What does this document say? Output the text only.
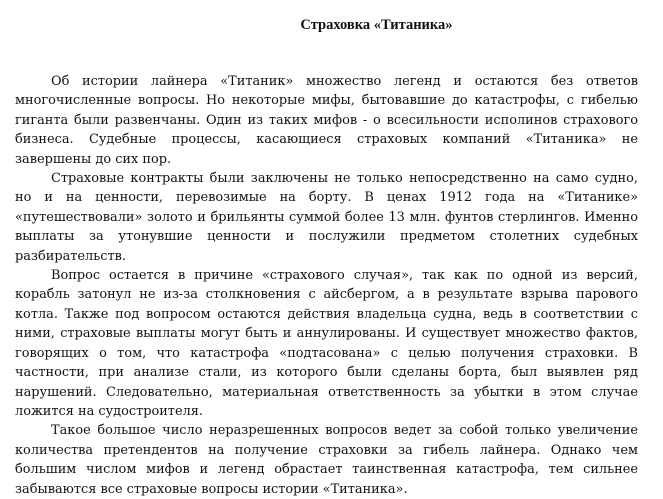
Страховка «Титаника»

Об истории лайнера «Титаник» множество легенд и остаются без ответов многочисленные вопросы. Но некоторые мифы, бытовавшие до катастрофы, с гибелью гиганта были развенчаны. Один из таких мифов - о всесильности исполинов страхового бизнеса. Судебные процессы, касающиеся страховых компаний «Титаника» не завершены до сих пор.

Страховые контракты были заключены не только непосредственно на само судно, но и на ценности, перевозимые на борту. В ценах 1912 года на «Титанике» «путешествовали» золото и брильянты суммой более 13 млн. фунтов стерлингов. Именно выплаты за утонувшие ценности и послужили предметом столетних судебных разбирательств.

Вопрос остается в причине «страхового случая», так как по одной из версий, корабль затонул не из-за столкновения с айсбергом, а в результате взрыва парового котла. Также под вопросом остаются действия владельца судна, ведь в соответствии с ними, страховые выплаты могут быть и аннулированы. И существует множество фактов, говорящих о том, что катастрофа «подтасована» с целью получения страховки. В частности, при анализе стали, из которого были сделаны борта, был выявлен ряд нарушений. Следовательно, материальная ответственность за убытки в этом случае ложится на судостроителя.

Такое большое число неразрешенных вопросов ведет за собой только увеличение количества претендентов на получение страховки за гибель лайнера. Однако чем большим числом мифов и легенд обрастает таинственная катастрофа, тем сильнее забываются все страховые вопросы истории «Титаника».
